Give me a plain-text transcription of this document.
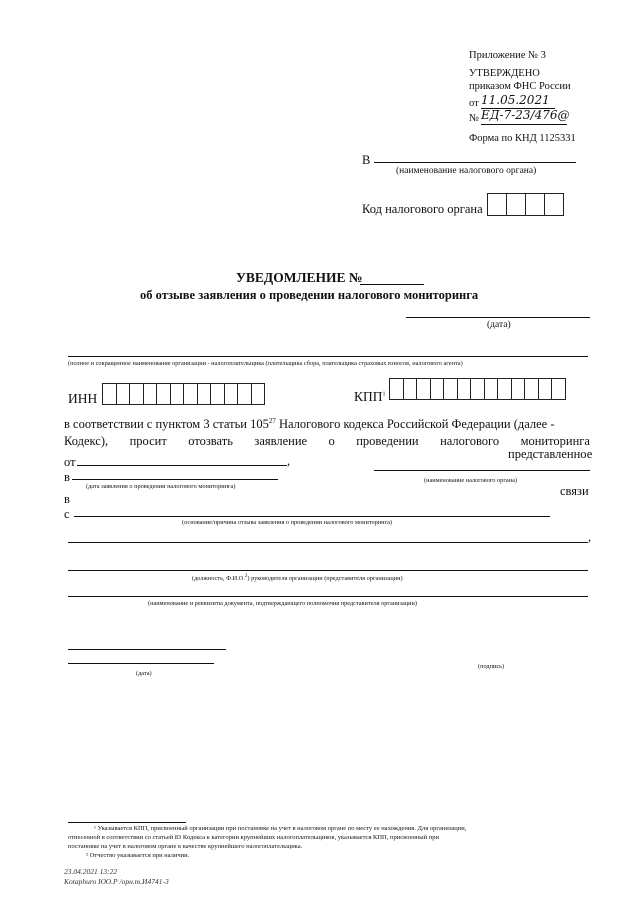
Приложение № 3
УТВЕРЖДЕНО
приказом ФНС России
от 11.05.2021
№ ЕД-7-23/476@
Форма по КНД 1125331
В
(наименование налогового органа)
Код налогового органа
УВЕДОМЛЕНИЕ №
об отзыве заявления о проведении налогового мониторинга
(дата)
(полное и сокращенное наименование организации - налогоплательщика (плательщика сбора, плательщика страховых взносов, налогового агента)
ИНН	КПП$^1$
в соответствии с пунктом 3 статьи $105^{27}$ Налогового кодекса Российской Федерации (далее -
Кодекс), просит отозвать заявление о проведении налогового мониторинга
представленное
от	,
в
(дата заявления о проведении налогового мониторинга)
(наименование налогового органа)
в
связи
с
(основание/причина отзыва заявления о проведении налогового мониторинга)
,
(должность, Ф.И.О.$^2$) руководителя организации (представителя организации)
(наименование и реквизиты документа, подтверждающего полномочия представителя организации)
(дата)
(подпись)
¹ Указывается КПП, присвоенный организации при постановке на учет в налоговом органе по месту ее нахождения. Для организации,
отнесенной в соответствии со статьей 83 Кодекса к категории крупнейших налогоплательщиков, указывается КПП, присвоенный при
постановке на учет в налоговом органе в качестве крупнейшего налогоплательщика.
² Отчество указывается при наличии.
23.04.2021 13:22
Kotaphuro ЮО.Р /орн.т.И4741-3
